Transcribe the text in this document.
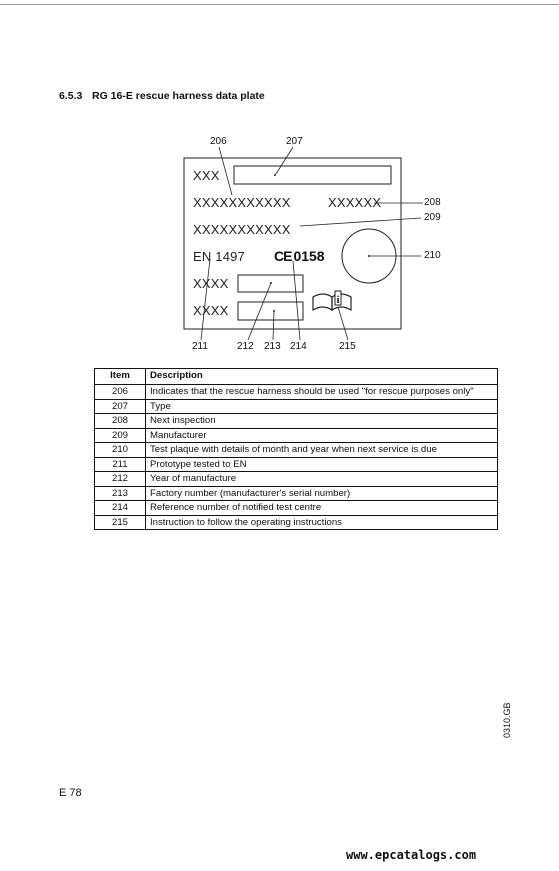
6.5.3 RG 16-E rescue harness data plate
i
XXX
XXXXXXXXXXX	XXXXXX
XXXXXXXXXXX
EN 1497 CE 0158
XXXX
XXXX
206	207
208
209
210
211	212 213 214	215
Item	Description
206	Indicates that the rescue harness should be used "for rescue purposes only"
207	Type
208	Next inspection
209	Manufacturer
210	Test plaque with details of month and year when next service is due
211	Prototype tested to EN
212	Year of manufacture
213	Factory number (manufacturer's serial number)
214	Reference number of notified test centre
215	Instruction to follow the operating instructions
0310.GB
E 78
www.epcatalogs.com
